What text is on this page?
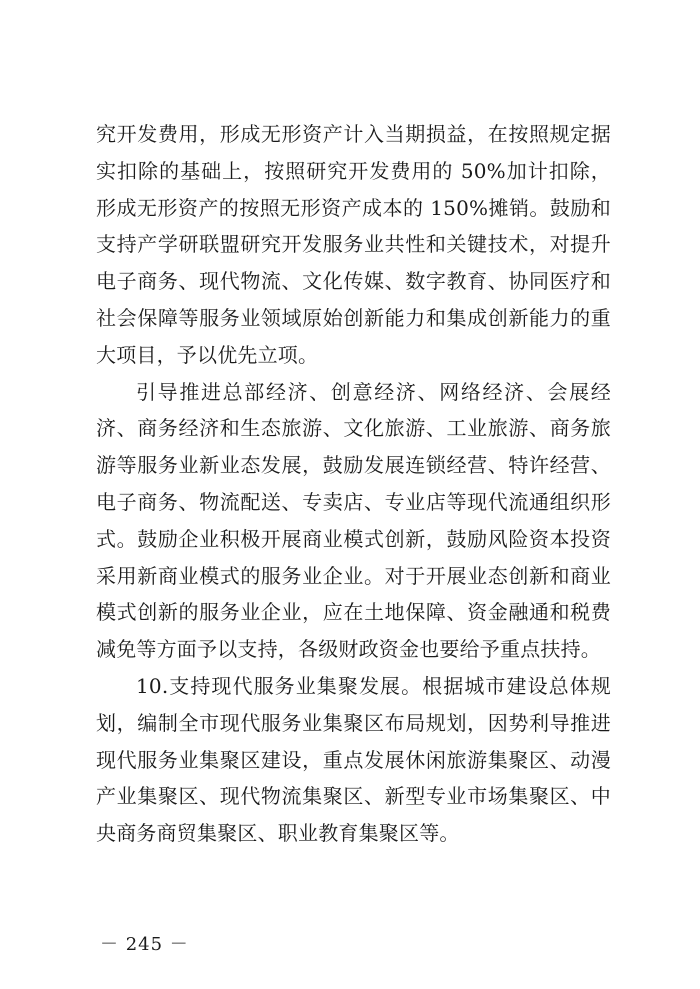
究开发费用，形成无形资产计入当期损益，在按照规定据实扣除的基础上，按照研究开发费用的 50%加计扣除，形成无形资产的按照无形资产成本的 150%摊销。鼓励和支持产学研联盟研究开发服务业共性和关键技术，对提升电子商务、现代物流、文化传媒、数字教育、协同医疗和社会保障等服务业领域原始创新能力和集成创新能力的重大项目，予以优先立项。

引导推进总部经济、创意经济、网络经济、会展经济、商务经济和生态旅游、文化旅游、工业旅游、商务旅游等服务业新业态发展，鼓励发展连锁经营、特许经营、电子商务、物流配送、专卖店、专业店等现代流通组织形式。鼓励企业积极开展商业模式创新，鼓励风险资本投资采用新商业模式的服务业企业。对于开展业态创新和商业模式创新的服务业企业，应在土地保障、资金融通和税费减免等方面予以支持，各级财政资金也要给予重点扶持。

10.支持现代服务业集聚发展。根据城市建设总体规划，编制全市现代服务业集聚区布局规划，因势利导推进现代服务业集聚区建设，重点发展休闲旅游集聚区、动漫产业集聚区、现代物流集聚区、新型专业市场集聚区、中央商务商贸集聚区、职业教育集聚区等。

－ 245 －
